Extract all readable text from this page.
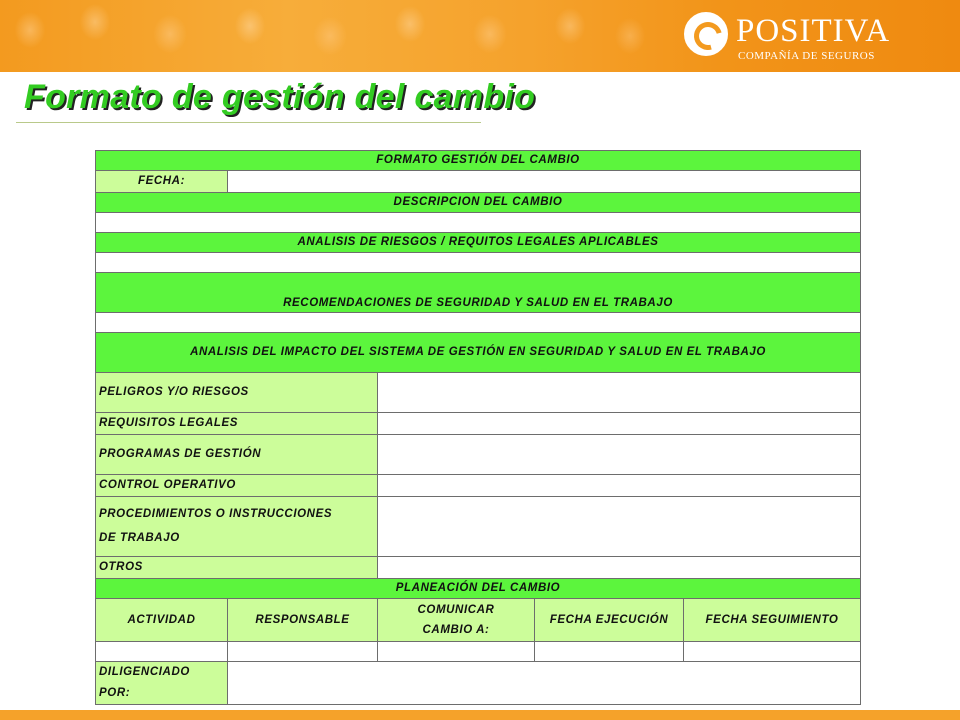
POSITIVA
COMPAÑÍA DE SEGUROS
Formato de gestión del cambio

FORMATO GESTIÓN DEL CAMBIO				
FECHA:				
DESCRIPCION DEL CAMBIO				

ANALISIS DE RIESGOS / REQUITOS LEGALES APLICABLES				

RECOMENDACIONES DE SEGURIDAD Y SALUD EN EL TRABAJO				

ANALISIS DEL IMPACTO DEL SISTEMA DE GESTIÓN EN SEGURIDAD Y SALUD EN EL TRABAJO				
PELIGROS Y/O RIESGOS				
REQUISITOS LEGALES				
PROGRAMAS DE GESTIÓN				
CONTROL OPERATIVO				
PROCEDIMIENTOS O INSTRUCCIONES DE TRABAJO				
OTROS				
PLANEACIÓN DEL CAMBIO				
ACTIVIDAD	RESPONSABLE	COMUNICAR CAMBIO A:	FECHA EJECUCIÓN	FECHA SEGUIMIENTO

DILIGENCIADO POR:				
